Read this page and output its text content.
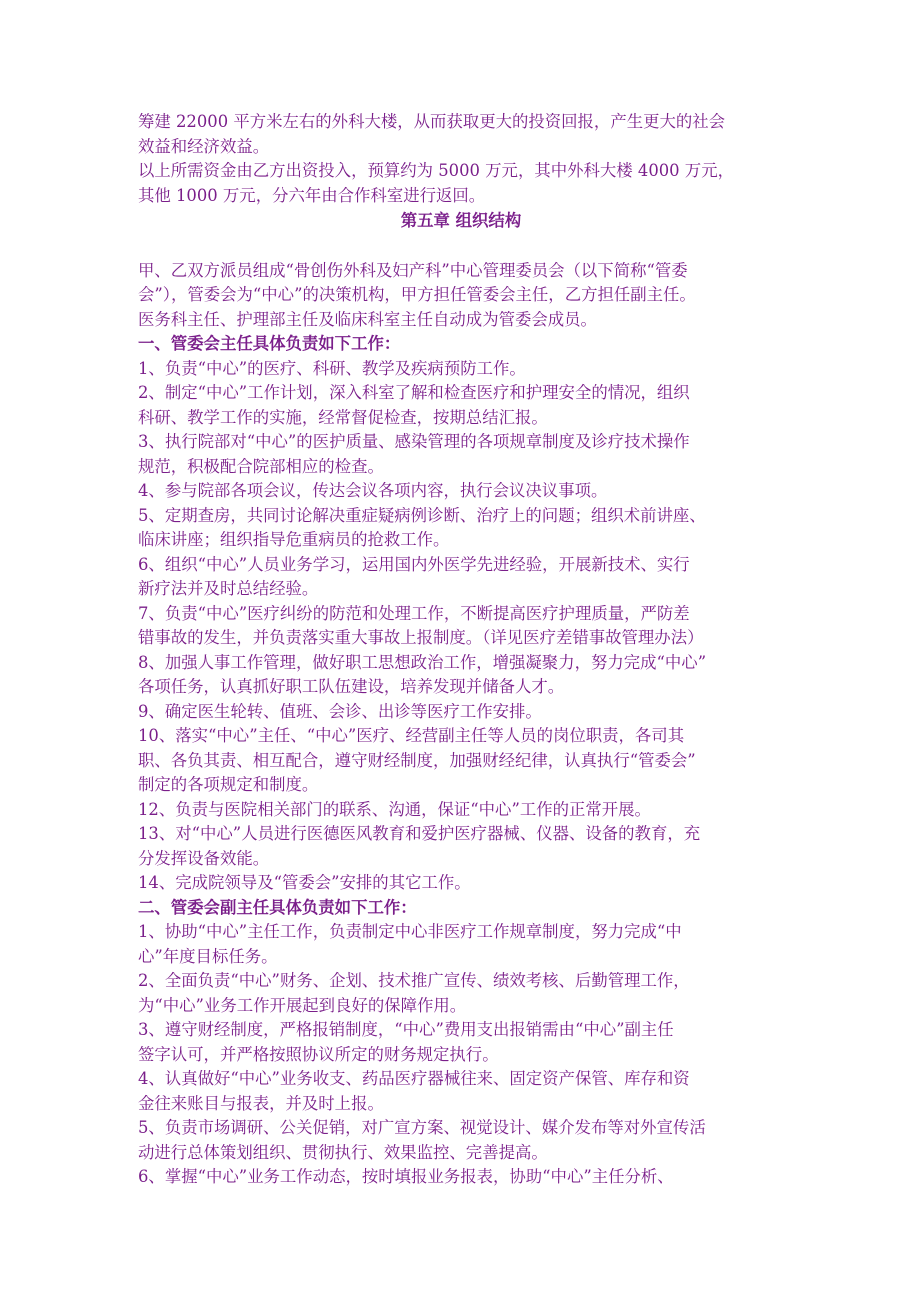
筹建 22000 平方米左右的外科大楼，从而获取更大的投资回报，产生更大的社会
效益和经济效益。
以上所需资金由乙方出资投入，预算约为 5000 万元，其中外科大楼 4000 万元，
其他 1000 万元，分六年由合作科室进行返回。
第五章 组织结构
甲、乙双方派员组成“骨创伤外科及妇产科”中心管理委员会（以下简称“管委
会”），管委会为“中心”的决策机构，甲方担任管委会主任，乙方担任副主任。
医务科主任、护理部主任及临床科室主任自动成为管委会成员。
一、管委会主任具体负责如下工作：
1、负责“中心”的医疗、科研、教学及疾病预防工作。
2、制定“中心”工作计划，深入科室了解和检查医疗和护理安全的情况，组织
科研、教学工作的实施，经常督促检查，按期总结汇报。
3、执行院部对“中心”的医护质量、感染管理的各项规章制度及诊疗技术操作
规范，积极配合院部相应的检查。
4、参与院部各项会议，传达会议各项内容，执行会议决议事项。
5、定期查房，共同讨论解决重症疑病例诊断、治疗上的问题；组织术前讲座、
临床讲座；组织指导危重病员的抢救工作。
6、组织“中心”人员业务学习，运用国内外医学先进经验，开展新技术、实行
新疗法并及时总结经验。
7、负责“中心”医疗纠纷的防范和处理工作，不断提高医疗护理质量，严防差
错事故的发生，并负责落实重大事故上报制度。（详见医疗差错事故管理办法）
8、加强人事工作管理，做好职工思想政治工作，增强凝聚力，努力完成“中心”
各项任务，认真抓好职工队伍建设，培养发现并储备人才。
9、确定医生轮转、值班、会诊、出诊等医疗工作安排。
10、落实“中心”主任、“中心”医疗、经营副主任等人员的岗位职责，各司其
职、各负其责、相互配合，遵守财经制度，加强财经纪律，认真执行“管委会”
制定的各项规定和制度。
12、负责与医院相关部门的联系、沟通，保证“中心”工作的正常开展。
13、对“中心”人员进行医德医风教育和爱护医疗器械、仪器、设备的教育，充
分发挥设备效能。
14、完成院领导及“管委会”安排的其它工作。
二、管委会副主任具体负责如下工作：
1、协助“中心”主任工作，负责制定中心非医疗工作规章制度，努力完成“中
心”年度目标任务。
2、全面负责“中心”财务、企划、技术推广宣传、绩效考核、后勤管理工作，
为“中心”业务工作开展起到良好的保障作用。
3、遵守财经制度，严格报销制度，“中心”费用支出报销需由“中心”副主任
签字认可，并严格按照协议所定的财务规定执行。
4、认真做好“中心”业务收支、药品医疗器械往来、固定资产保管、库存和资
金往来账目与报表，并及时上报。
5、负责市场调研、公关促销，对广宣方案、视觉设计、媒介发布等对外宣传活
动进行总体策划组织、贯彻执行、效果监控、完善提高。
6、掌握“中心”业务工作动态，按时填报业务报表，协助“中心”主任分析、
